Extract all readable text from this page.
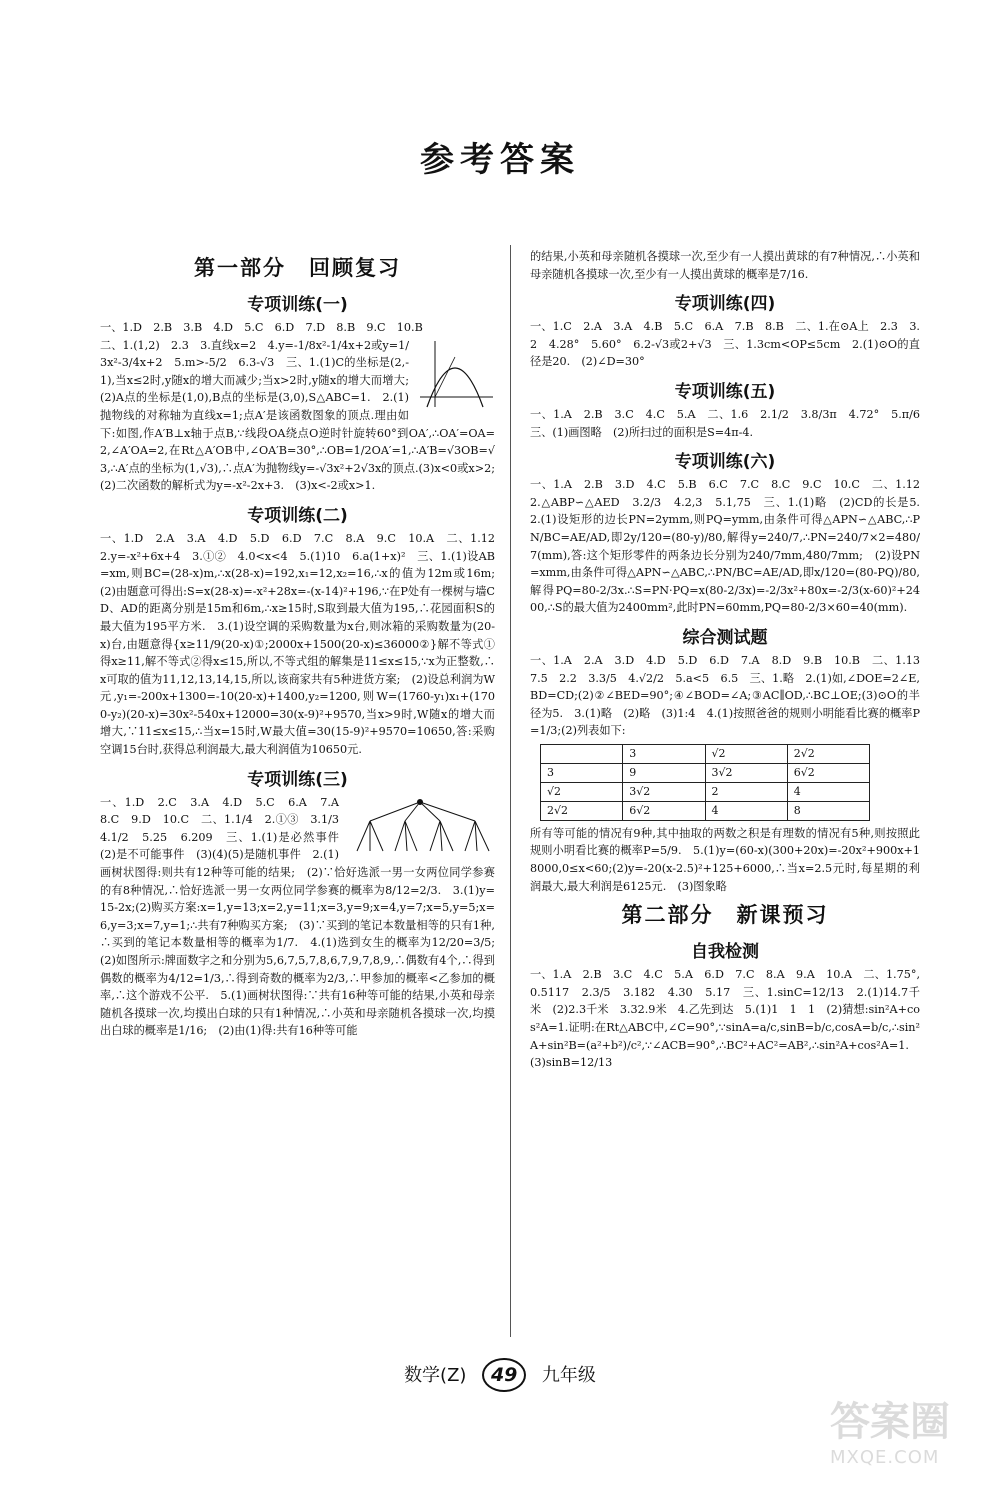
参考答案
第一部分　回顾复习
专项训练(一)

一、1.D　2.B　3.B　4.D　5.C　6.D　7.D　8.B　9.C　10.B

二、1.(1,2)　2.3　3.直线x=2　4.y=-1/8x²-1/4x+2或y=1/3x²-3/4x+2　5.m>-5/2　6.3-√3　三、1.(1)C的坐标是(2,-1),当x≤2时,y随x的增大而减少;当x>2时,y随x的增大而增大;　(2)A点的坐标是(1,0),B点的坐标是(3,0),S△ABC=1.　2.(1)抛物线的对称轴为直线x=1;点A′是该函数图象的顶点.理由如下:如图,作A′B⊥x轴于点B,∵线段OA绕点O逆时针旋转60°到OA′,∴OA′=OA=2,∠A′OA=2,在Rt△A′OB中,∠OA′B=30°,∴OB=1/2OA′=1,∴A′B=√3OB=√3,∴A′点的坐标为(1,√3),∴点A′为抛物线y=-√3x²+2√3x的顶点.(3)x<0或x>2;(2)二次函数的解析式为y=-x²-2x+3.　(3)x<-2或x>1.

专项训练(二)

一、1.D　2.A　3.A　4.D　5.D　6.D　7.C　8.A　9.C　10.A　二、1.12　2.y=-x²+6x+4　3.①②　4.0<x<4　5.(1)10　6.a(1+x)²　三、1.(1)设AB=xm,则BC=(28-x)m,∴x(28-x)=192,x₁=12,x₂=16,∴x的值为12m或16m;　(2)由题意可得出:S=x(28-x)=-x²+28x=-(x-14)²+196,∵在P处有一棵树与墙CD、AD的距离分别是15m和6m,∴x≥15时,S取到最大值为195,∴花园面积S的最大值为195平方米.　3.(1)设空调的采购数量为x台,则冰箱的采购数量为(20-x)台,由题意得{x≥11/9(20-x)①;2000x+1500(20-x)≤36000②}解不等式①得x≥11,解不等式②得x≤15,所以,不等式组的解集是11≤x≤15,∵x为正整数,∴x可取的值为11,12,13,14,15,所以,该商家共有5种进货方案;　(2)设总利润为W元,y₁=-200x+1300=-10(20-x)+1400,y₂=1200,则W=(1760-y₁)x₁+(1700-y₂)(20-x)=30x²-540x+12000=30(x-9)²+9570,当x>9时,W随x的增大而增大,∵11≤x≤15,∴当x=15时,W最大值=30(15-9)²+9570=10650,答:采购空调15台时,获得总利润最大,最大利润值为10650元.

专项训练(三)

一、1.D　2.C　3.A　4.D　5.C　6.A　7.A　8.C　9.D　10.C　二、1.1/4　2.①③　3.1/3　4.1/2　5.25　6.209　三、1.(1)是必然事件　(2)是不可能事件　(3)(4)(5)是随机事件　2.(1)画树状图得:则共有12种等可能的结果;　(2)∵恰好选派一男一女两位同学参赛的有8种情况,∴恰好选派一男一女两位同学参赛的概率为8/12=2/3.　3.(1)y=15-2x;(2)购买方案:x=1,y=13;x=2,y=11;x=3,y=9;x=4,y=7;x=5,y=5;x=6,y=3;x=7,y=1;∴共有7种购买方案;　(3)∵买到的笔记本数量相等的只有1种,∴买到的笔记本数量相等的概率为1/7.　4.(1)选到女生的概率为12/20=3/5;　(2)如图所示:牌面数字之和分别为5,6,7,5,7,8,6,7,9,7,8,9,∴偶数有4个,∴得到偶数的概率为4/12=1/3,∴得到奇数的概率为2/3,∴甲参加的概率<乙参加的概率,∴这个游戏不公平.　5.(1)画树状图得:∵共有16种等可能的结果,小英和母亲随机各摸球一次,均摸出白球的只有1种情况,∴小英和母亲随机各摸球一次,均摸出白球的概率是1/16;　(2)由(1)得:共有16种等可能

的结果,小英和母亲随机各摸球一次,至少有一人摸出黄球的有7种情况,∴小英和母亲随机各摸球一次,至少有一人摸出黄球的概率是7/16.

专项训练(四)

一、1.C　2.A　3.A　4.B　5.C　6.A　7.B　8.B　二、1.在⊙A上　2.3　3.2　4.28°　5.60°　6.2-√3或2+√3　三、1.3cm<OP≤5cm　2.(1)⊙O的直径是20.　(2)∠D=30°

专项训练(五)

一、1.A　2.B　3.C　4.C　5.A　二、1.6　2.1/2　3.8/3π　4.72°　5.π/6　三、(1)画图略　(2)所扫过的面积是S=4π-4.

专项训练(六)

一、1.A　2.B　3.D　4.C　5.B　6.C　7.C　8.C　9.C　10.C　二、1.12　2.△ABP∽△AED　3.2/3　4.2,3　5.1,75　三、1.(1)略　(2)CD的长是5.　2.(1)设矩形的边长PN=2ymm,则PQ=ymm,由条件可得△APN∽△ABC,∴PN/BC=AE/AD,即2y/120=(80-y)/80,解得y=240/7,∴PN=240/7×2=480/7(mm),答:这个矩形零件的两条边长分别为240/7mm,480/7mm;　(2)设PN=xmm,由条件可得△APN∽△ABC,∴PN/BC=AE/AD,即x/120=(80-PQ)/80,解得PQ=80-2/3x.∴S=PN·PQ=x(80-2/3x)=-2/3x²+80x=-2/3(x-60)²+2400,∴S的最大值为2400mm²,此时PN=60mm,PQ=80-2/3×60=40(mm).

综合测试题

一、1.A　2.A　3.D　4.D　5.D　6.D　7.A　8.D　9.B　10.B　二、1.137.5　2.2　3.3/5　4.√2/2　5.a<5　6.5　三、1.略　2.(1)如,∠DOE=2∠E,BD=CD;(2)②∠BED=90°;④∠BOD=∠A;③AC∥OD,∴BC⊥OE;(3)⊙O的半径为5.　3.(1)略　(2)略　(3)1:4　4.(1)按照爸爸的规则小明能看比赛的概率P=1/3;(2)列表如下:

	3	√2	2√2
3	9	3√2	6√2
√2	3√2	2	4
2√2	6√2	4	8

所有等可能的情况有9种,其中抽取的两数之积是有理数的情况有5种,则按照此规则小明看比赛的概率P=5/9.　5.(1)y=(60-x)(300+20x)=-20x²+900x+18000,0≤x<60;(2)y=-20(x-2.5)²+125+6000,∴当x=2.5元时,每星期的利润最大,最大利润是6125元.　(3)图象略

第二部分　新课预习
自我检测

一、1.A　2.B　3.C　4.C　5.A　6.D　7.C　8.A　9.A　10.A　二、1.75°,0.5117　2.3/5　3.182　4.30　5.17　三、1.sinC=12/13　2.(1)14.7千米　(2)2.3千米　3.32.9米　4.乙先到达　5.(1)1　1　1　(2)猜想:sin²A+cos²A=1.证明:在Rt△ABC中,∠C=90°,∵sinA=a/c,sinB=b/c,cosA=b/c,∴sin²A+sin²B=(a²+b²)/c²,∵∠ACB=90°,∴BC²+AC²=AB²,∴sin²A+cos²A=1.　(3)sinB=12/13

数学(Z) 49 九年级
答案圈
MXQE.COM
